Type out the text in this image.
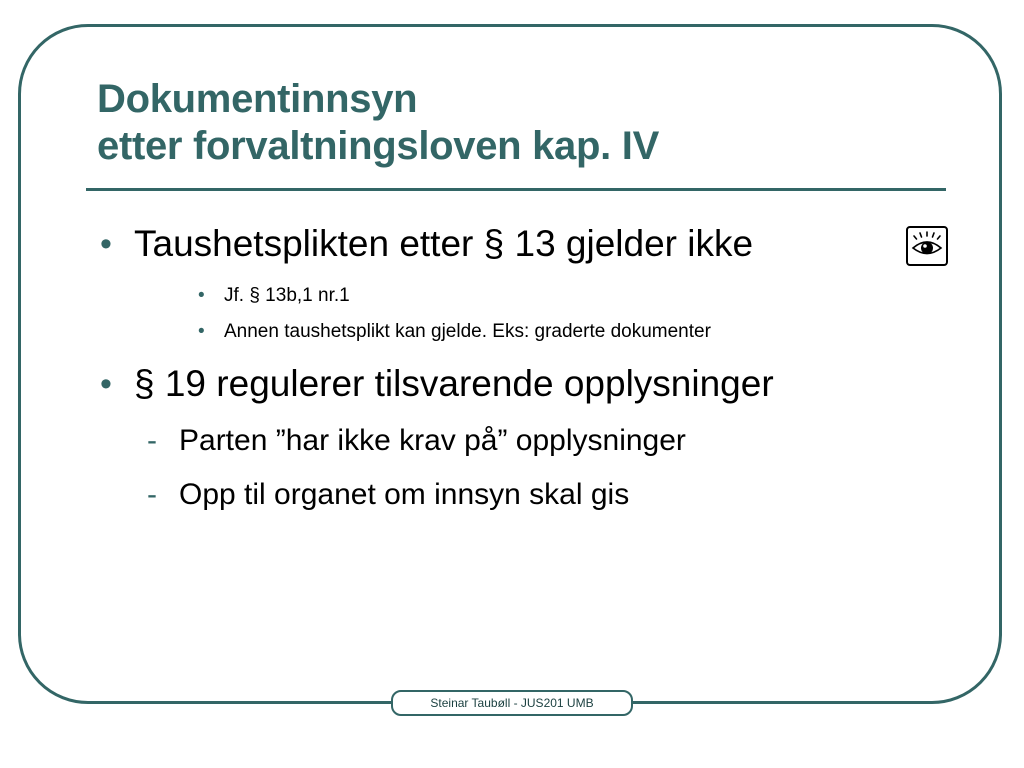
Dokumentinnsyn
etter forvaltningsloven kap. IV
• Taushetsplikten etter § 13 gjelder ikke
• Jf. § 13b,1 nr.1
• Annen taushetsplikt kan gjelde. Eks: graderte dokumenter
• § 19 regulerer tilsvarende opplysninger
- Parten ”har ikke krav på” opplysninger
- Opp til organet om innsyn skal gis
Steinar Taubøll - JUS201 UMB
